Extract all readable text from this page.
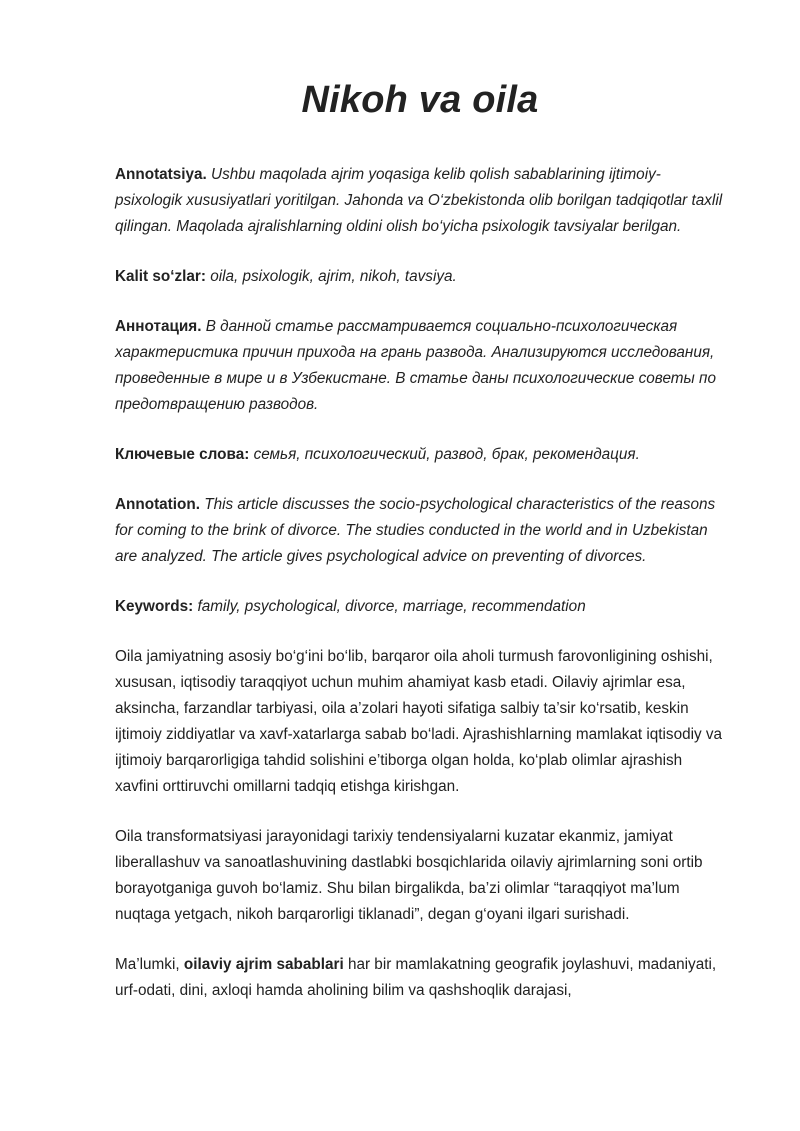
Nikoh va oila

Annotatsiya. Ushbu maqolada ajrim yoqasiga kelib qolish sabablarining ijtimoiy-psixologik xususiyatlari yoritilgan. Jahonda va O‘zbekistonda olib borilgan tadqiqotlar taxlil qilingan. Maqolada ajralishlarning oldini olish bo‘yicha psixologik tavsiyalar berilgan.

Kalit so‘zlar: oila, psixologik, ajrim, nikoh, tavsiya.

Аннотация. В данной статье рассматривается социально-психологическая характеристика причин прихода на грань развода. Анализируются исследования, проведенные в мире и в Узбекистане. В статье даны психологические советы по предотвращению разводов.

Ключевые слова: семья, психологический, развод, брак, рекомендация.

Annotation. This article discusses the socio-psychological characteristics of the reasons for coming to the brink of divorce. The studies conducted in the world and in Uzbekistan are analyzed. The article gives psychological advice on preventing of divorces.

Keywords: family, psychological, divorce, marriage, recommendation

Oila jamiyatning asosiy bo‘g‘ini bo‘lib, barqaror oila aholi turmush farovonligining oshishi, xususan, iqtisodiy taraqqiyot uchun muhim ahamiyat kasb etadi. Oilaviy ajrimlar esa, aksincha, farzandlar tarbiyasi, oila a’zolari hayoti sifatiga salbiy ta’sir ko‘rsatib, keskin ijtimoiy ziddiyatlar va xavf-xatarlarga sabab bo‘ladi. Ajrashishlarning mamlakat iqtisodiy va ijtimoiy barqarorligiga tahdid solishini e’tiborga olgan holda, ko‘plab olimlar ajrashish xavfini orttiruvchi omillarni tadqiq etishga kirishgan.

Oila transformatsiyasi jarayonidagi tarixiy tendensiyalarni kuzatar ekanmiz, jamiyat liberallashuv va sanoatlashuvining dastlabki bosqichlarida oilaviy ajrimlarning soni ortib borayotganiga guvoh bo‘lamiz. Shu bilan birgalikda, ba’zi olimlar “taraqqiyot ma’lum nuqtaga yetgach, nikoh barqarorligi tiklanadi”, degan g‘oyani ilgari surishadi.

Ma’lumki, oilaviy ajrim sabablari har bir mamlakatning geografik joylashuvi, madaniyati, urf-odati, dini, axloqi hamda aholining bilim va qashshoqlik darajasi,
